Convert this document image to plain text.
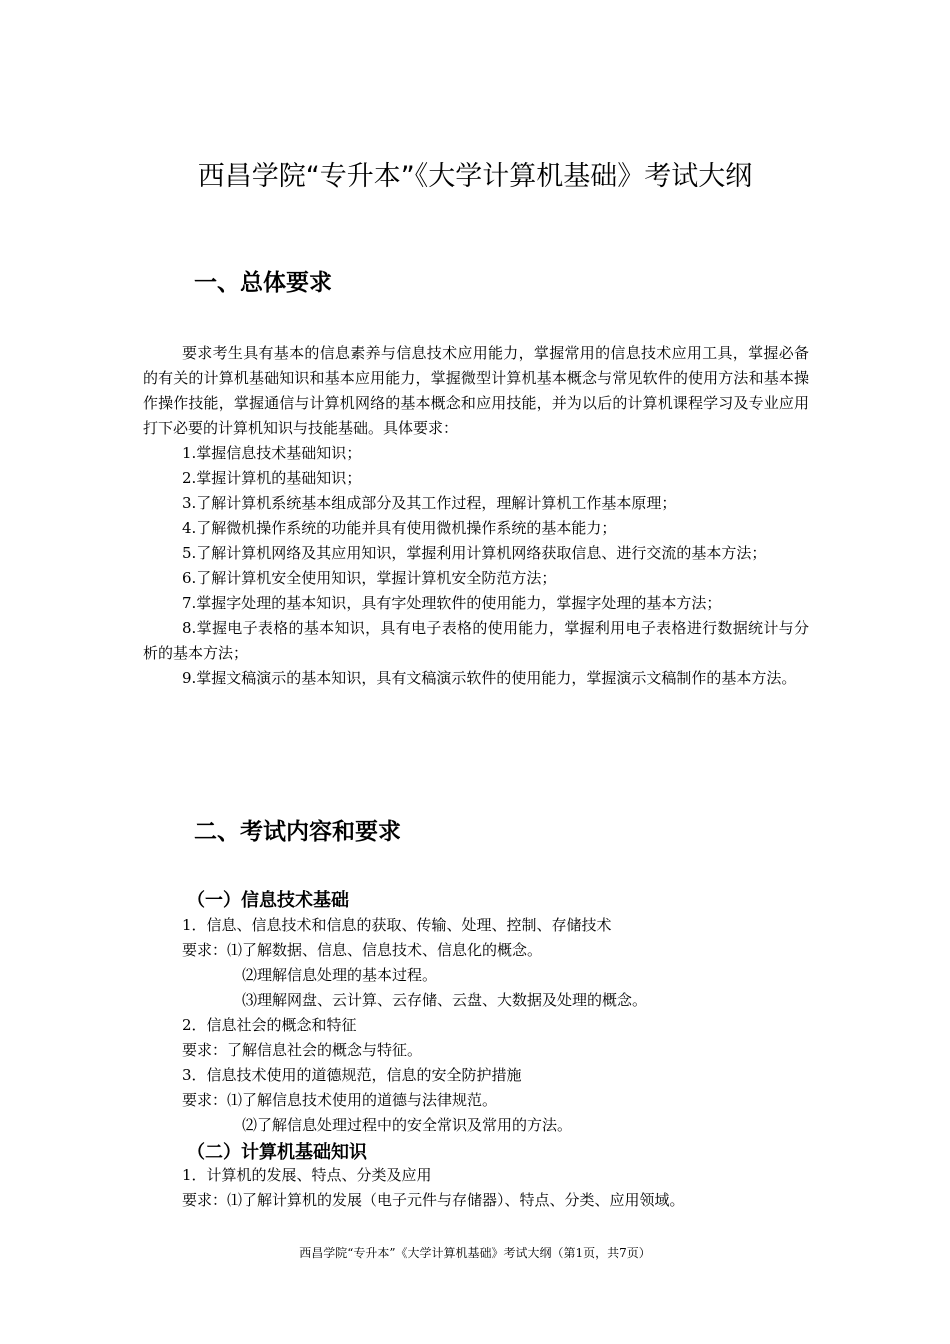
西昌学院“专升本”《大学计算机基础》考试大纲
一、总体要求

要求考生具有基本的信息素养与信息技术应用能力，掌握常用的信息技术应用工具，掌握必备的有关的计算机基础知识和基本应用能力，掌握微型计算机基本概念与常见软件的使用方法和基本操作操作技能，掌握通信与计算机网络的基本概念和应用技能，并为以后的计算机课程学习及专业应用打下必要的计算机知识与技能基础。具体要求：

1.掌握信息技术基础知识；

2.掌握计算机的基础知识；

3.了解计算机系统基本组成部分及其工作过程，理解计算机工作基本原理；

4.了解微机操作系统的功能并具有使用微机操作系统的基本能力；

5.了解计算机网络及其应用知识，掌握利用计算机网络获取信息、进行交流的基本方法；

6.了解计算机安全使用知识，掌握计算机安全防范方法；

7.掌握字处理的基本知识，具有字处理软件的使用能力，掌握字处理的基本方法；

8.掌握电子表格的基本知识，具有电子表格的使用能力，掌握利用电子表格进行数据统计与分析的基本方法；

9.掌握文稿演示的基本知识，具有文稿演示软件的使用能力，掌握演示文稿制作的基本方法。

二、考试内容和要求
（一）信息技术基础
1．信息、信息技术和信息的获取、传输、处理、控制、存储技术
要求：⑴了解数据、信息、信息技术、信息化的概念。
⑵理解信息处理的基本过程。
⑶理解网盘、云计算、云存储、云盘、大数据及处理的概念。
2．信息社会的概念和特征
要求：了解信息社会的概念与特征。
3．信息技术使用的道德规范，信息的安全防护措施
要求：⑴了解信息技术使用的道德与法律规范。
⑵了解信息处理过程中的安全常识及常用的方法。
（二）计算机基础知识
1．计算机的发展、特点、分类及应用
要求：⑴了解计算机的发展（电子元件与存储器）、特点、分类、应用领域。
西昌学院“专升本”《大学计算机基础》考试大纲（第1页，共7页）
